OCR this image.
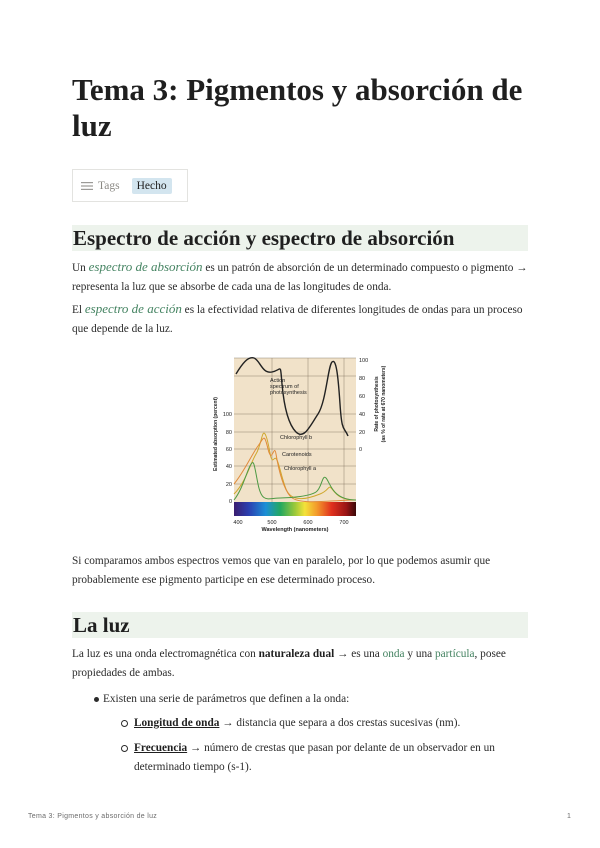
Tema 3: Pigmentos y absorción de luz
Tags	Hecho
Espectro de acción y espectro de absorción
Un espectro de absorción es un patrón de absorción de un determinado compuesto o pigmento → representa la luz que se absorbe de cada una de las longitudes de onda.
El espectro de acción es la efectividad relativa de diferentes longitudes de ondas para un proceso que depende de la luz.
Action
spectrum of
photosynthesis
Chlorophyll b
Carotenoids
Chlorophyll a
100
80
60
40
20
0
100
80
60
40
20
0
400	500	600	700
Wavelength (nanometers)
Estimated absorption (percent)	Rate of photosynthesis (as % of rate at 670 nanometers)
Si comparamos ambos espectros vemos que van en paralelo, por lo que podemos asumir que probablemente ese pigmento participe en ese determinado proceso.
La luz
La luz es una onda electromagnética con naturaleza dual → es una onda y una partícula, posee propiedades de ambas.
Existen una serie de parámetros que definen a la onda:
Longitud de onda → distancia que separa a dos crestas sucesivas (nm).
Frecuencia → número de crestas que pasan por delante de un observador en un determinado tiempo (s-1).
Tema 3: Pigmentos y absorción de luz	1
